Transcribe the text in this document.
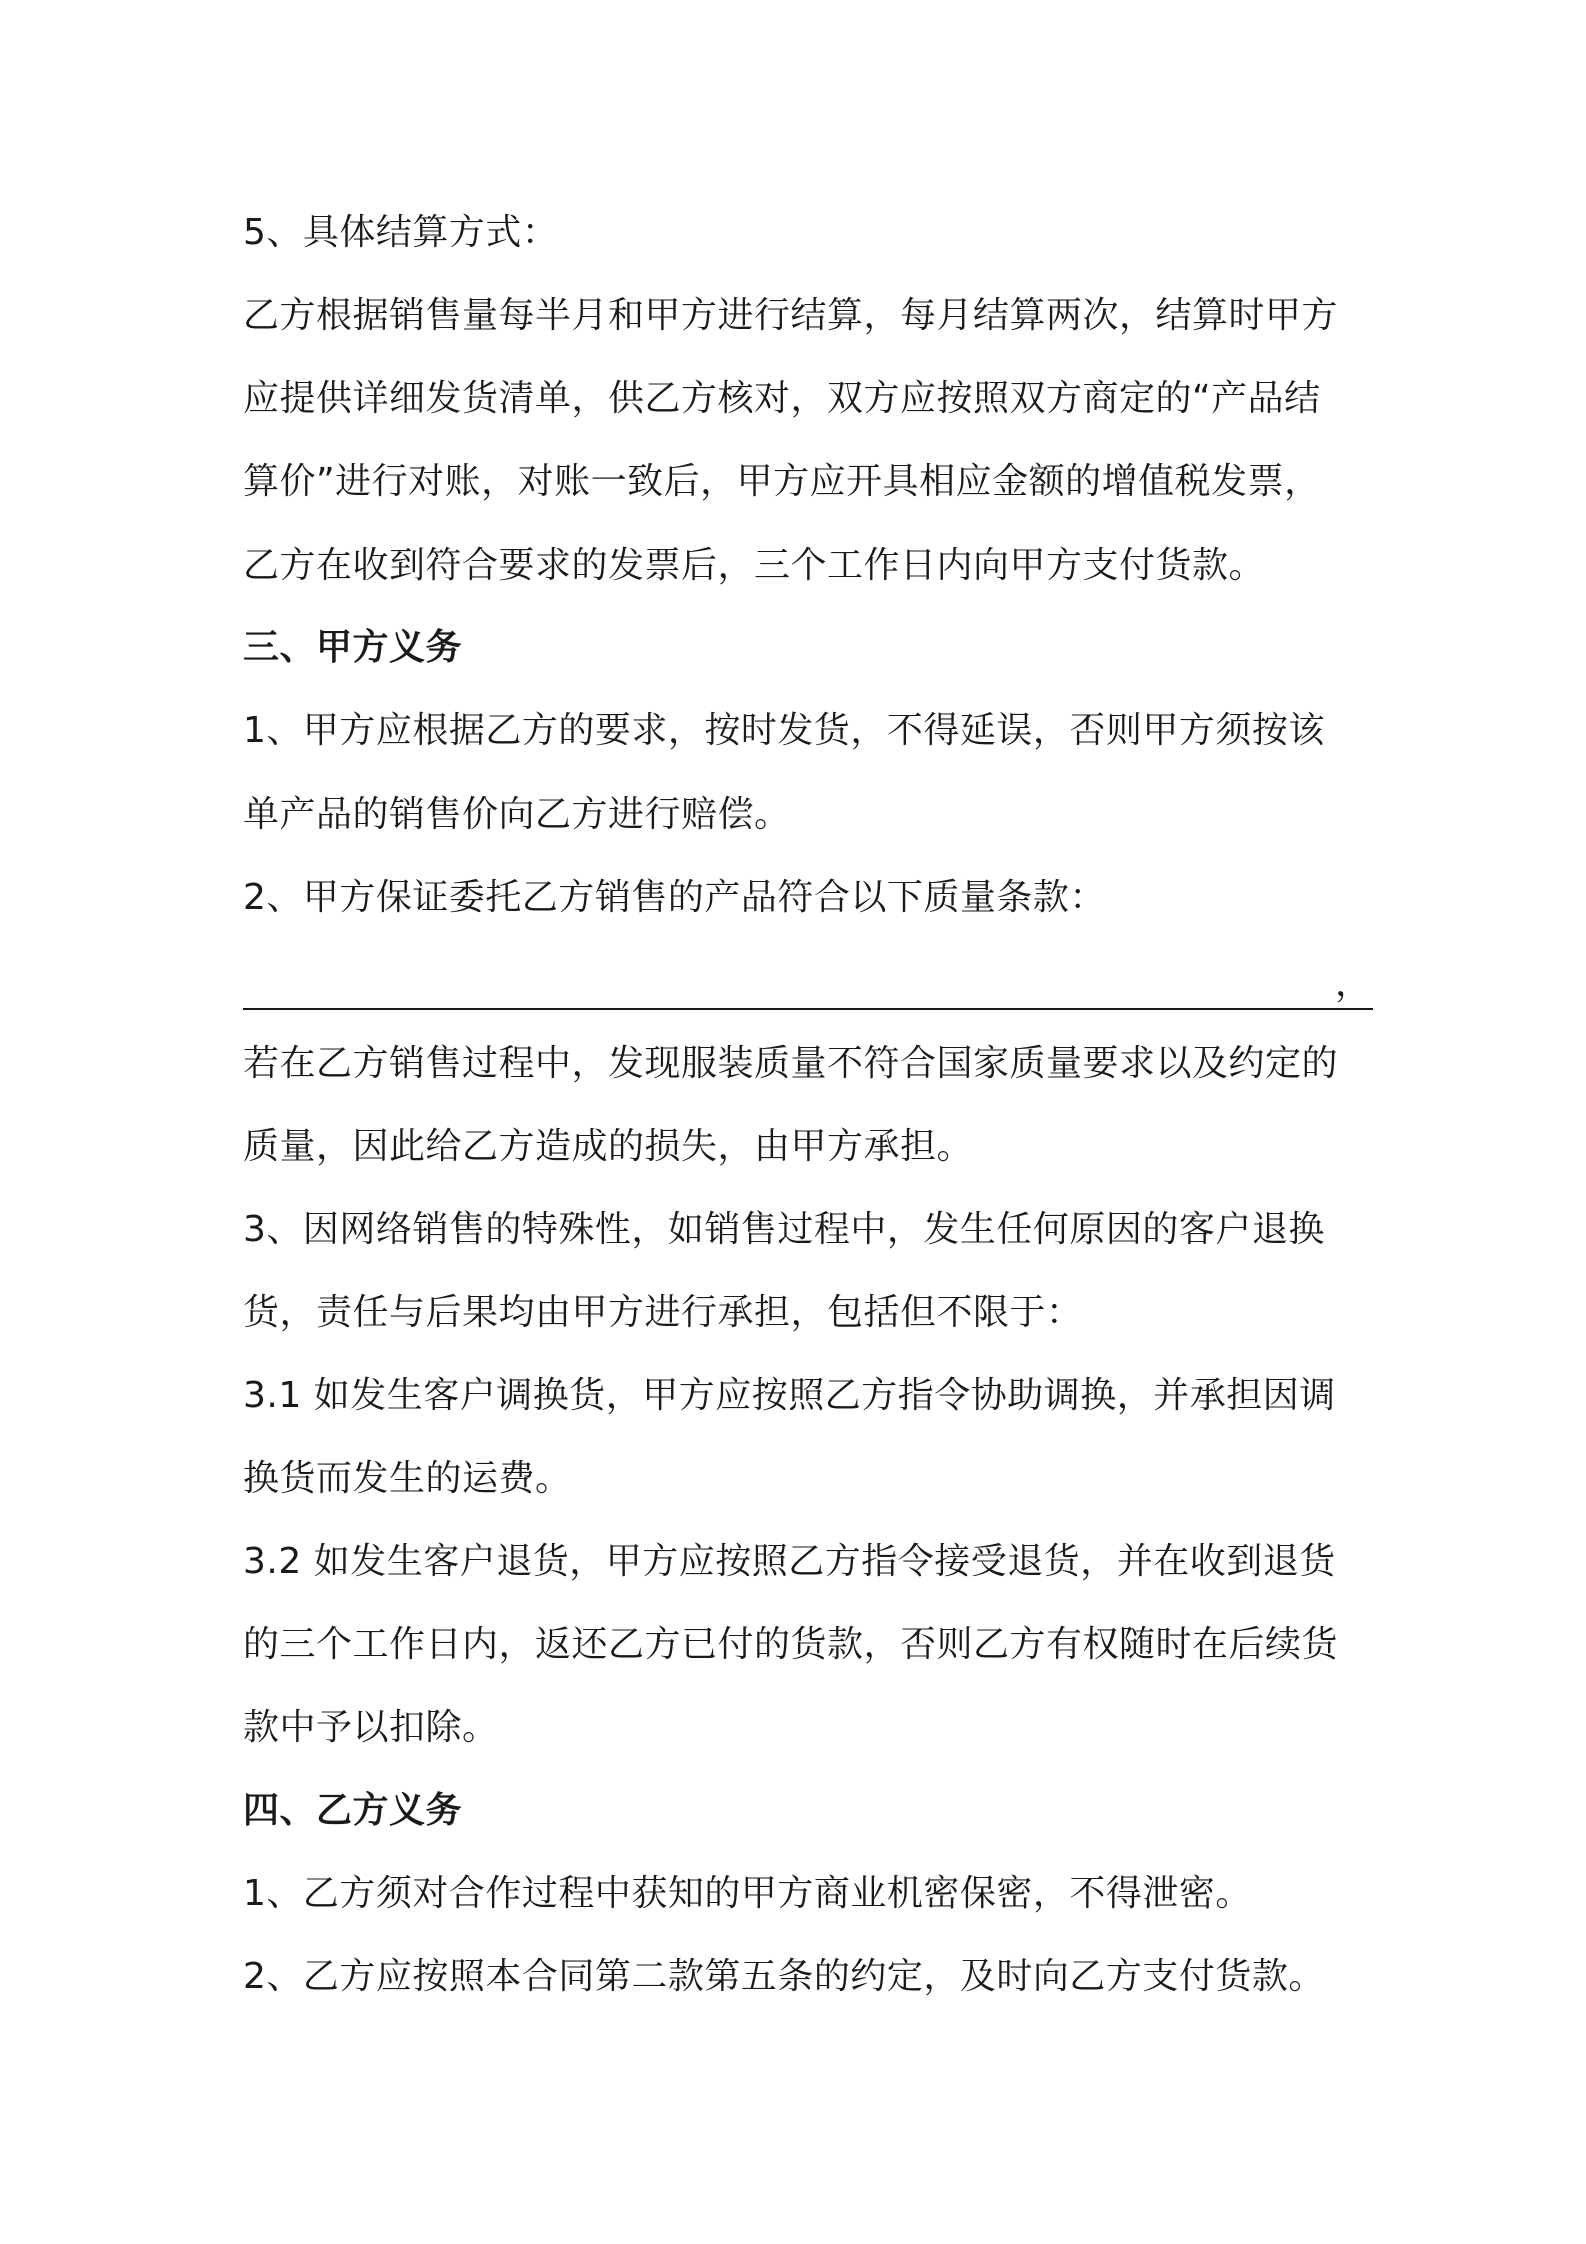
5、具体结算方式：
乙方根据销售量每半月和甲方进行结算，每月结算两次，结算时甲方
应提供详细发货清单，供乙方核对，双方应按照双方商定的“产品结
算价”进行对账，对账一致后，甲方应开具相应金额的增值税发票，
乙方在收到符合要求的发票后，三个工作日内向甲方支付货款。
三、甲方义务
1、甲方应根据乙方的要求，按时发货，不得延误，否则甲方须按该
单产品的销售价向乙方进行赔偿。
2、甲方保证委托乙方销售的产品符合以下质量条款：
，
若在乙方销售过程中，发现服装质量不符合国家质量要求以及约定的
质量，因此给乙方造成的损失，由甲方承担。
3、因网络销售的特殊性，如销售过程中，发生任何原因的客户退换
货，责任与后果均由甲方进行承担，包括但不限于：
3.1 如发生客户调换货，甲方应按照乙方指令协助调换，并承担因调
换货而发生的运费。
3.2 如发生客户退货，甲方应按照乙方指令接受退货，并在收到退货
的三个工作日内，返还乙方已付的货款，否则乙方有权随时在后续货
款中予以扣除。
四、乙方义务
1、乙方须对合作过程中获知的甲方商业机密保密，不得泄密。
2、乙方应按照本合同第二款第五条的约定，及时向乙方支付货款。
